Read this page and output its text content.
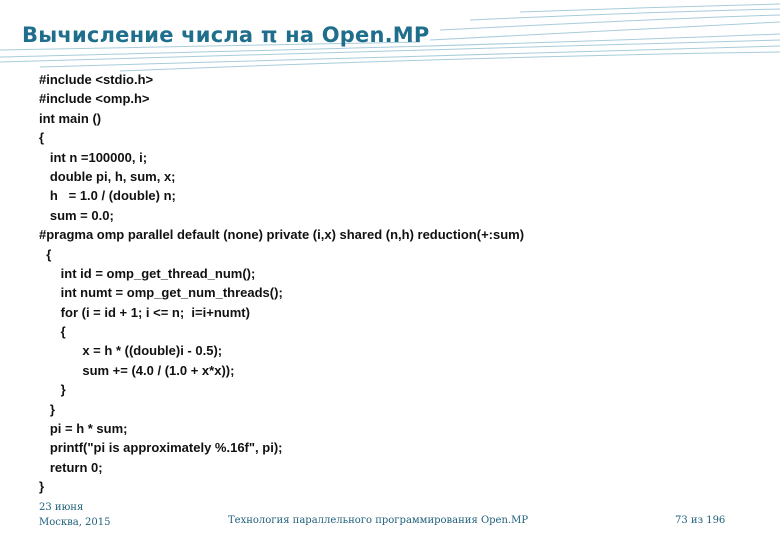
Вычисление числа π на Open.MP
#include <stdio.h>
#include <omp.h>
int main ()
{
int n =100000, i;
double pi, h, sum, x;
h   = 1.0 / (double) n;
sum = 0.0;
#pragma omp parallel default (none) private (i,x) shared (n,h) reduction(+:sum)
{
int id = omp_get_thread_num();
int numt = omp_get_num_threads();
for (i = id + 1; i <= n;  i=i+numt)
{
x = h * ((double)i - 0.5);
sum += (4.0 / (1.0 + x*x));
}
}
pi = h * sum;
printf("pi is approximately %.16f", pi);
return 0;
}
23 июня
Москва, 2015	Технология параллельного программирования Open.MP	73 из 196
